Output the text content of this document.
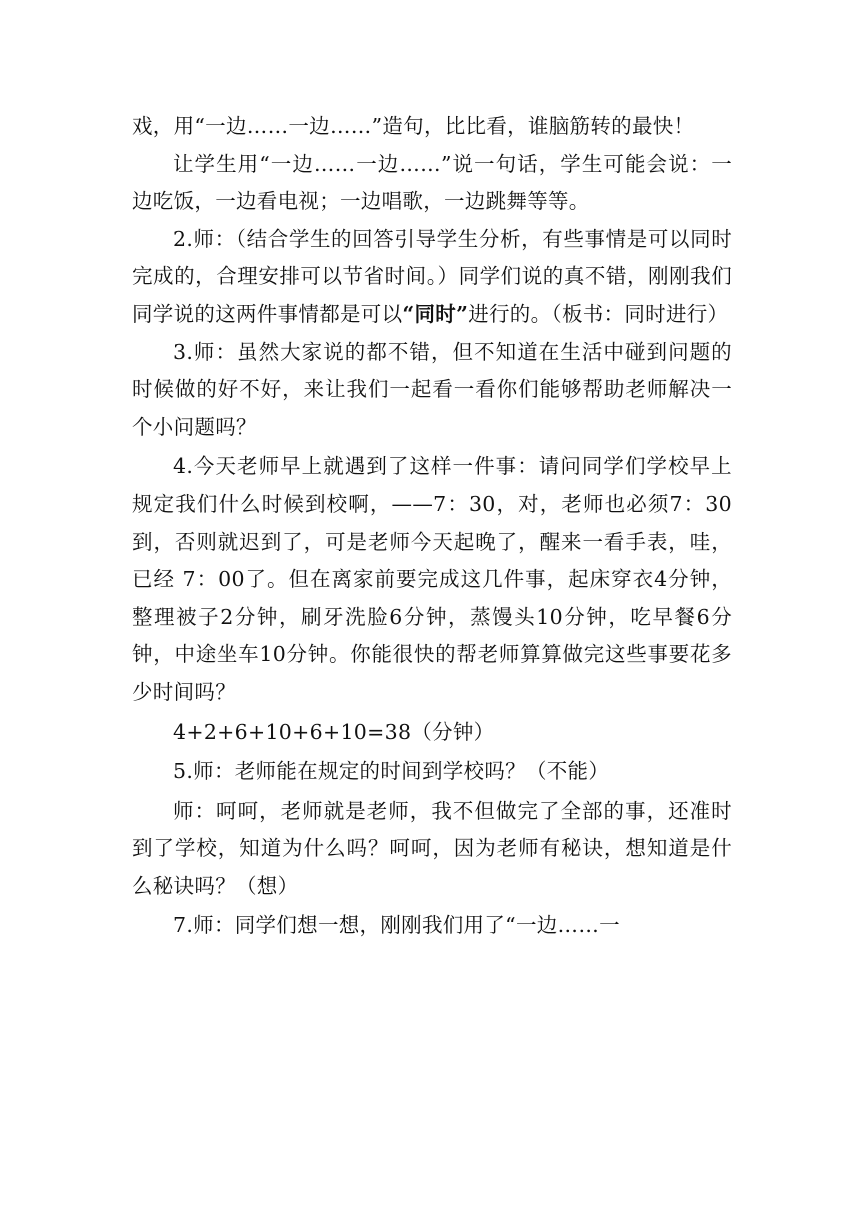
戏，用“一边……一边……”造句，比比看，谁脑筋转的最快！

让学生用“一边……一边……”说一句话，学生可能会说：一边吃饭，一边看电视；一边唱歌，一边跳舞等等。

2.师：（结合学生的回答引导学生分析，有些事情是可以同时完成的，合理安排可以节省时间。）同学们说的真不错，刚刚我们同学说的这两件事情都是可以“同时”进行的。（板书：同时进行）

3.师：虽然大家说的都不错，但不知道在生活中碰到问题的时候做的好不好，来让我们一起看一看你们能够帮助老师解决一个小问题吗？

4.今天老师早上就遇到了这样一件事：请问同学们学校早上规定我们什么时候到校啊，——7：30，对，老师也必须7：30到，否则就迟到了，可是老师今天起晚了，醒来一看手表，哇，已经 7：00了。但在离家前要完成这几件事，起床穿衣4分钟，整理被子2分钟，刷牙洗脸6分钟，蒸馒头10分钟，吃早餐6分钟，中途坐车10分钟。你能很快的帮老师算算做完这些事要花多少时间吗？

4+2+6+10+6+10=38（分钟）

5.师：老师能在规定的时间到学校吗？（不能）

师：呵呵，老师就是老师，我不但做完了全部的事，还准时到了学校，知道为什么吗？呵呵，因为老师有秘诀，想知道是什么秘诀吗？（想）

7.师：同学们想一想，刚刚我们用了“一边……一
